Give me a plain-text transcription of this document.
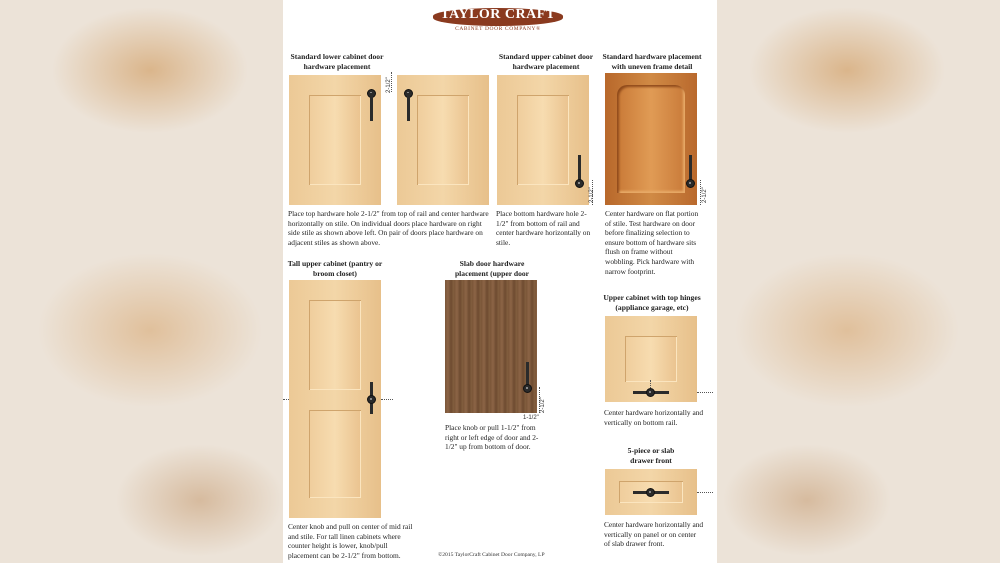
TAYLOR CRAFT
CABINET DOOR COMPANY®
Standard lower cabinet door hardware placement
2-1/2"
Place top hardware hole 2-1/2" from top of rail and center hardware horizontally on stile. On individual doors place hardware on right side stile as shown above left. On pair of doors place hardware on adjacent stiles as shown above.
Standard upper cabinet door hardware placement
2-1/2"
Place bottom hardware hole 2-1/2" from bottom of rail and center hardware horizontally on stile.
Standard hardware placement with uneven frame detail
2-1/2"
Center hardware on flat portion of stile. Test hardware on door before finalizing selection to ensure bottom of hardware sits flush on frame without wobbling. Pick hardware with narrow footprint.
Tall upper cabinet (pantry or broom closet)
Center knob and pull on center of mid rail and stile. For tall linen cabinets where counter height is lower, knob/pull placement can be 2-1/2" from bottom.
Slab door hardware placement (upper door
2-1/2"
1-1/2"
Place knob or pull 1-1/2" from right or left edge of door and 2-1/2" up from bottom of door.
Upper cabinet with top hinges (appliance garage, etc)
Center hardware horizontally and vertically on bottom rail.
5-piece or slab drawer front
Center hardware horizontally and vertically on panel or on center of slab drawer front.
©2015 TaylorCraft Cabinet Door Company, LP
